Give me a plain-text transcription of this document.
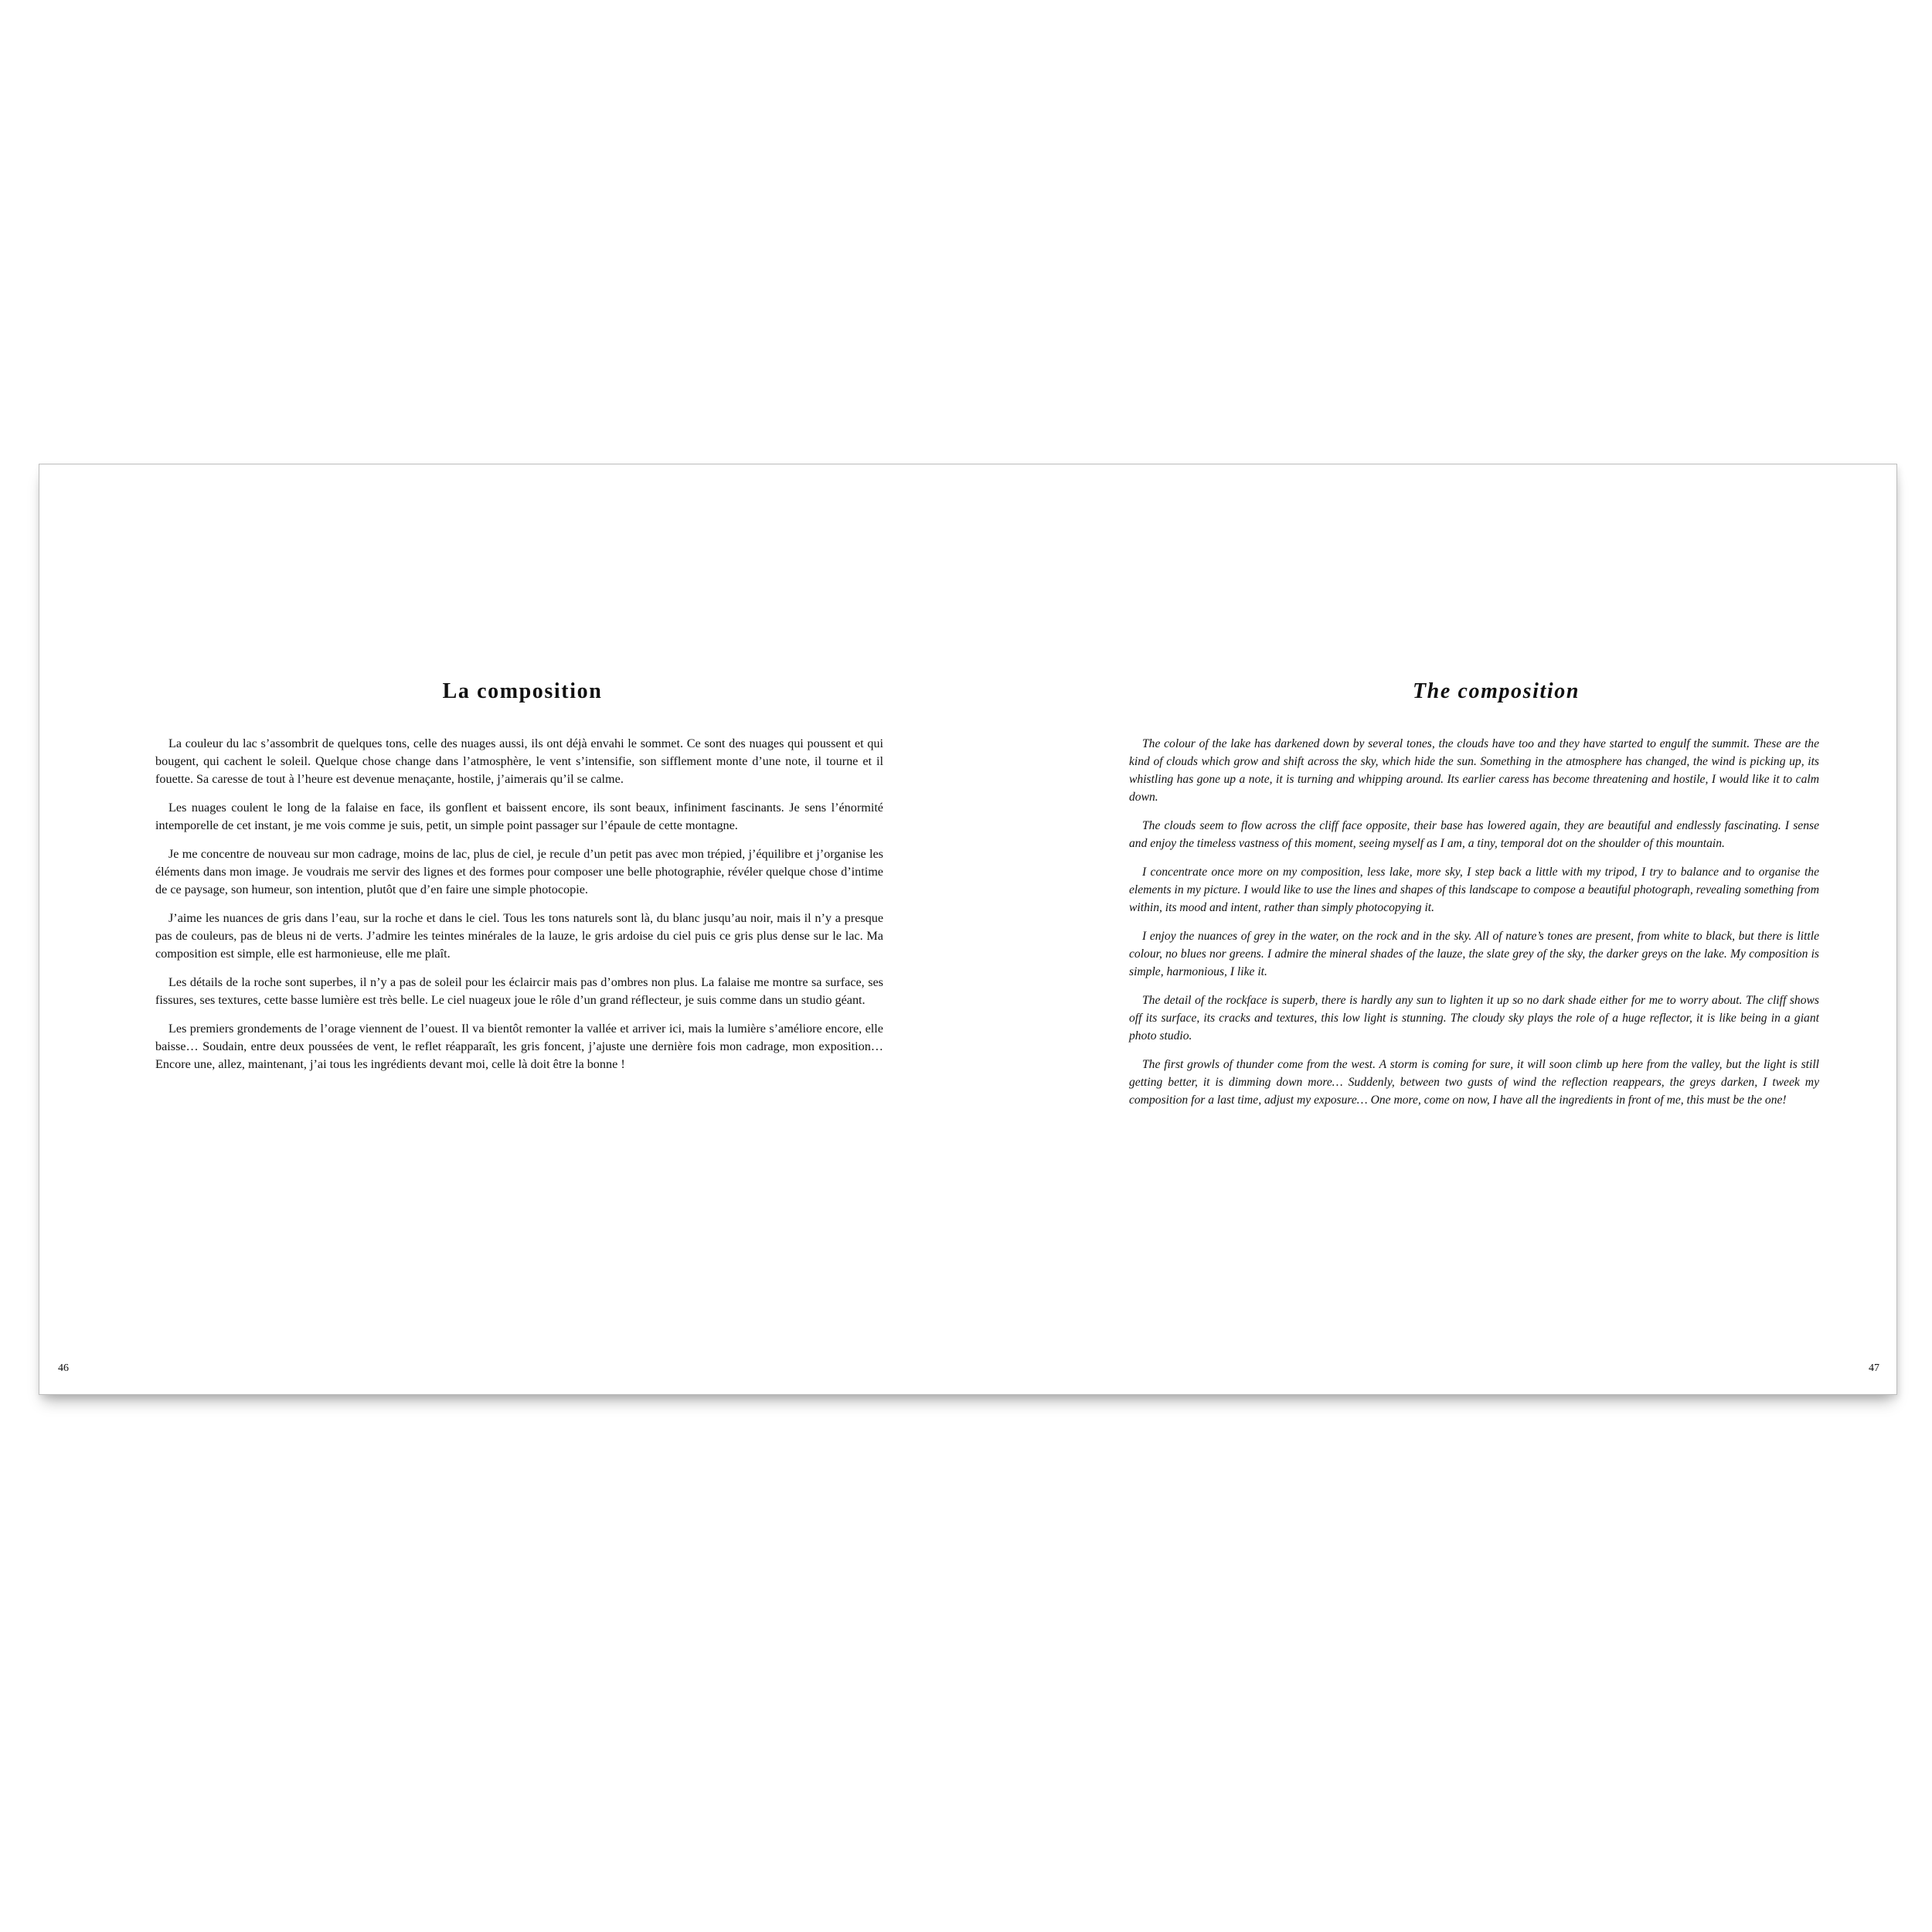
La composition

La couleur du lac s’assombrit de quelques tons, celle des nuages aussi, ils ont déjà envahi le sommet. Ce sont des nuages qui poussent et qui bougent, qui cachent le soleil. Quelque chose change dans l’atmosphère, le vent s’intensifie, son sifflement monte d’une note, il tourne et il fouette. Sa caresse de tout à l’heure est devenue menaçante, hostile, j’aimerais qu’il se calme.

Les nuages coulent le long de la falaise en face, ils gonflent et baissent encore, ils sont beaux, infiniment fascinants. Je sens l’énormité intemporelle de cet instant, je me vois comme je suis, petit, un simple point passager sur l’épaule de cette montagne.

Je me concentre de nouveau sur mon cadrage, moins de lac, plus de ciel, je recule d’un petit pas avec mon trépied, j’équilibre et j’organise les éléments dans mon image. Je voudrais me servir des lignes et des formes pour composer une belle photographie, révéler quelque chose d’intime de ce paysage, son humeur, son intention, plutôt que d’en faire une simple photocopie.

J’aime les nuances de gris dans l’eau, sur la roche et dans le ciel. Tous les tons naturels sont là, du blanc jusqu’au noir, mais il n’y a presque pas de couleurs, pas de bleus ni de verts. J’admire les teintes minérales de la lauze, le gris ardoise du ciel puis ce gris plus dense sur le lac. Ma composition est simple, elle est harmonieuse, elle me plaît.

Les détails de la roche sont superbes, il n’y a pas de soleil pour les éclaircir mais pas d’ombres non plus. La falaise me montre sa surface, ses fissures, ses textures, cette basse lumière est très belle. Le ciel nuageux joue le rôle d’un grand réflecteur, je suis comme dans un studio géant.

Les premiers grondements de l’orage viennent de l’ouest. Il va bientôt remonter la vallée et arriver ici, mais la lumière s’améliore encore, elle baisse… Soudain, entre deux poussées de vent, le reflet réapparaît, les gris foncent, j’ajuste une dernière fois mon cadrage, mon exposition… Encore une, allez, maintenant, j’ai tous les ingrédients devant moi, celle là doit être la bonne !

46
The composition

The colour of the lake has darkened down by several tones, the clouds have too and they have started to engulf the summit. These are the kind of clouds which grow and shift across the sky, which hide the sun. Something in the atmosphere has changed, the wind is picking up, its whistling has gone up a note, it is turning and whipping around. Its earlier caress has become threatening and hostile, I would like it to calm down.

The clouds seem to flow across the cliff face opposite, their base has lowered again, they are beautiful and endlessly fascinating. I sense and enjoy the timeless vastness of this moment, seeing myself as I am, a tiny, temporal dot on the shoulder of this mountain.

I concentrate once more on my composition, less lake, more sky, I step back a little with my tripod, I try to balance and to organise the elements in my picture. I would like to use the lines and shapes of this landscape to compose a beautiful photograph, revealing something from within, its mood and intent, rather than simply photocopying it.

I enjoy the nuances of grey in the water, on the rock and in the sky. All of nature’s tones are present, from white to black, but there is little colour, no blues nor greens. I admire the mineral shades of the lauze, the slate grey of the sky, the darker greys on the lake. My composition is simple, harmonious, I like it.

The detail of the rockface is superb, there is hardly any sun to lighten it up so no dark shade either for me to worry about. The cliff shows off its surface, its cracks and textures, this low light is stunning. The cloudy sky plays the role of a huge reflector, it is like being in a giant photo studio.

The first growls of thunder come from the west. A storm is coming for sure, it will soon climb up here from the valley, but the light is still getting better, it is dimming down more… Suddenly, between two gusts of wind the reflection reappears, the greys darken, I tweek my composition for a last time, adjust my exposure… One more, come on now, I have all the ingredients in front of me, this must be the one!

47
